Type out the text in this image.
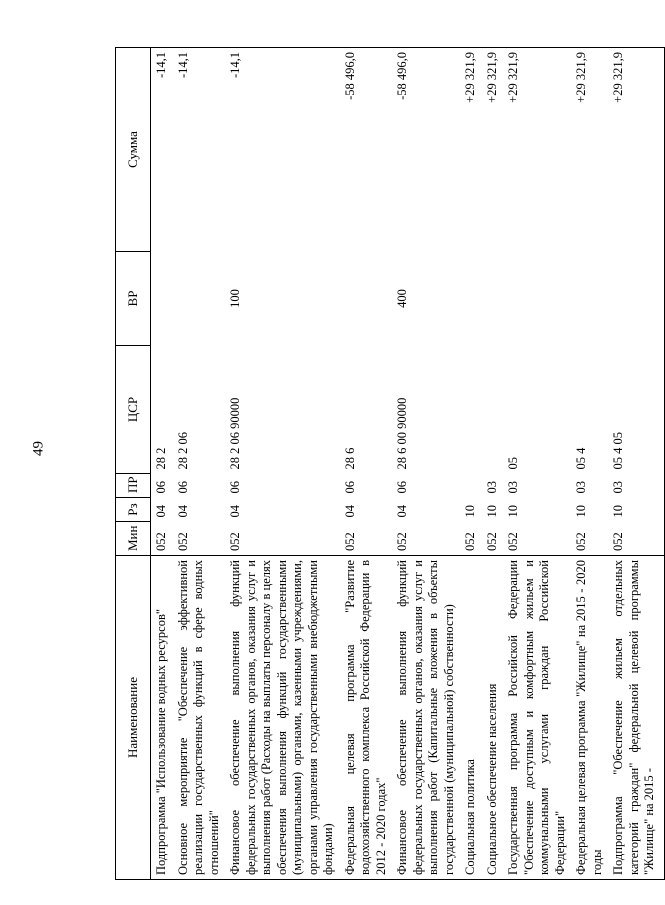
49
Наименование	Мин	Рз	ПР	ЦСР	ВР	Сумма

Подпрограмма "Использование водных ресурсов"	052	04	06	28 2		-14,1

Основное мероприятие "Обеспечение эффективной реализации государственных функций в сфере водных отношений"	052	04	06	28 2 06		-14,1

Финансовое обеспечение выполнения функций федеральных государственных органов, оказания услуг и выполнения работ (Расходы на выплаты персоналу в целях обеспечения выполнения функций государственными (муниципальными) органами, казенными учреждениями, органами управления государственными внебюджетными фондами)	052	04	06	28 2 06 90000	100	-14,1

Федеральная целевая программа "Развитие водохозяйственного комплекса Российской Федерации в 2012 - 2020 годах"	052	04	06	28 6		-58 496,0

Финансовое обеспечение выполнения функций федеральных государственных органов, оказания услуг и выполнения работ (Капитальные вложения в объекты государственной (муниципальной) собственности)	052	04	06	28 6 00 90000	400	-58 496,0

Социальная политика	052	10				+29 321,9

Социальное обеспечение населения	052	10	03			+29 321,9

Государственная программа Российской Федерации "Обеспечение доступным и комфортным жильем и коммунальными услугами граждан Российской Федерации"	052	10	03	05		+29 321,9

Федеральная целевая программа "Жилище" на 2015 - 2020 годы	052	10	03	05 4		+29 321,9

Подпрограмма "Обеспечение жильем отдельных категорий граждан" федеральной целевой программы "Жилище" на 2015 -	052	10	03	05 4 05		+29 321,9
